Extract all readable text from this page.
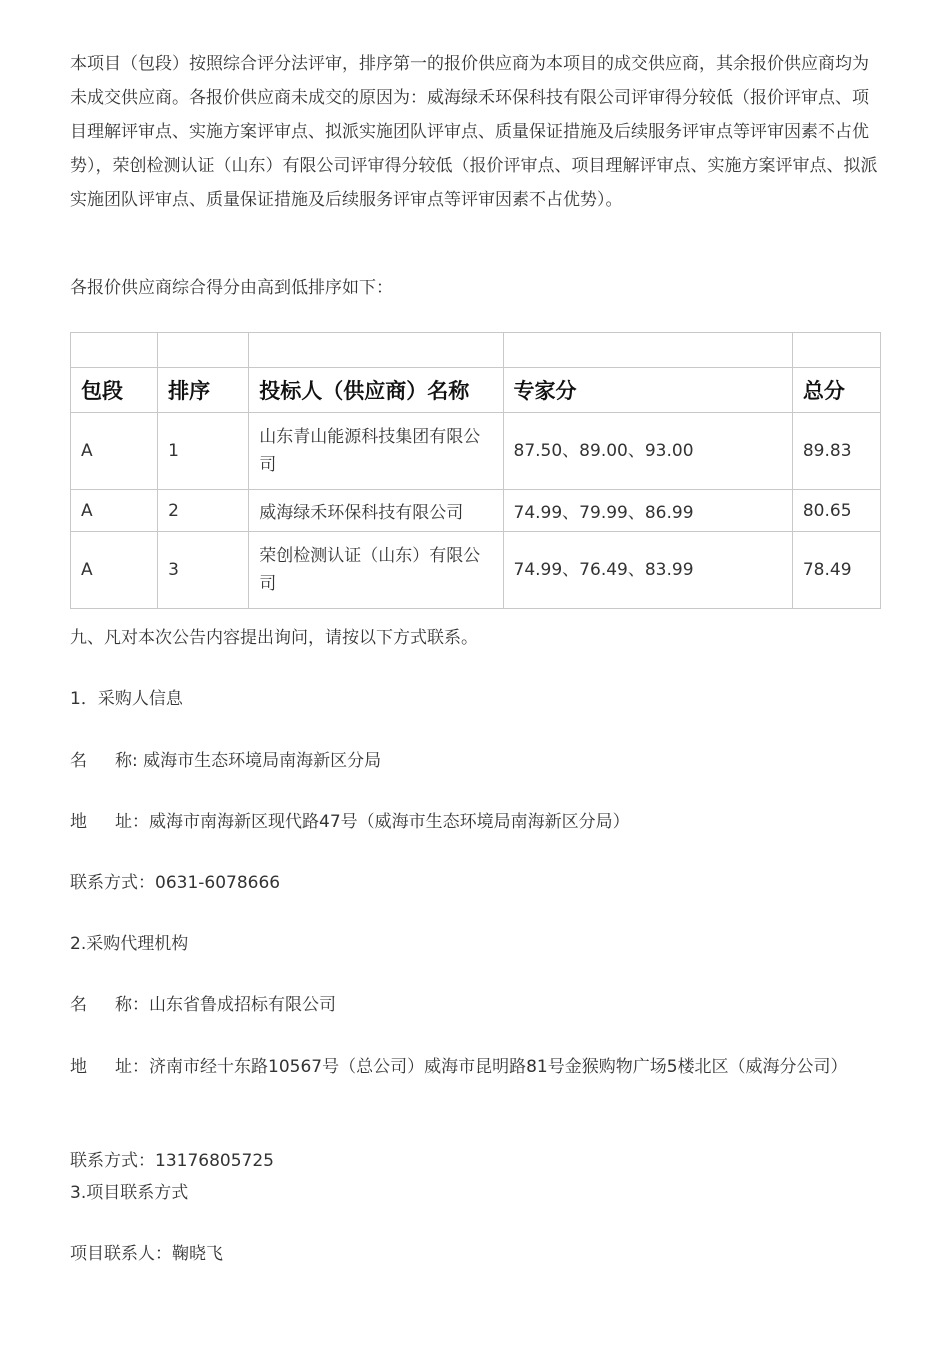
本项目（包段）按照综合评分法评审，排序第一的报价供应商为本项目的成交供应商，其余报价供应商均为未成交供应商。各报价供应商未成交的原因为：威海绿禾环保科技有限公司评审得分较低（报价评审点、项目理解评审点、实施方案评审点、拟派实施团队评审点、质量保证措施及后续服务评审点等评审因素不占优势），荣创检测认证（山东）有限公司评审得分较低（报价评审点、项目理解评审点、实施方案评审点、拟派实施团队评审点、质量保证措施及后续服务评审点等评审因素不占优势）。

各报价供应商综合得分由高到低排序如下：

包段	排序	投标人（供应商）名称	专家分	总分
A	1	山东青山能源科技集团有限公司	87.50、89.00、93.00	89.83
A	2	威海绿禾环保科技有限公司	74.99、79.99、86.99	80.65
A	3	荣创检测认证（山东）有限公司	74.99、76.49、83.99	78.49

九、凡对本次公告内容提出询问，请按以下方式联系。

1．采购人信息

名 称: 威海市生态环境局南海新区分局

地 址：威海市南海新区现代路47号（威海市生态环境局南海新区分局）

联系方式：0631-6078666

2.采购代理机构

名 称：山东省鲁成招标有限公司

地 址：济南市经十东路10567号（总公司）威海市昆明路81号金猴购物广场5楼北区（威海分公司）

联系方式：13176805725

3.项目联系方式

项目联系人：鞠晓飞
